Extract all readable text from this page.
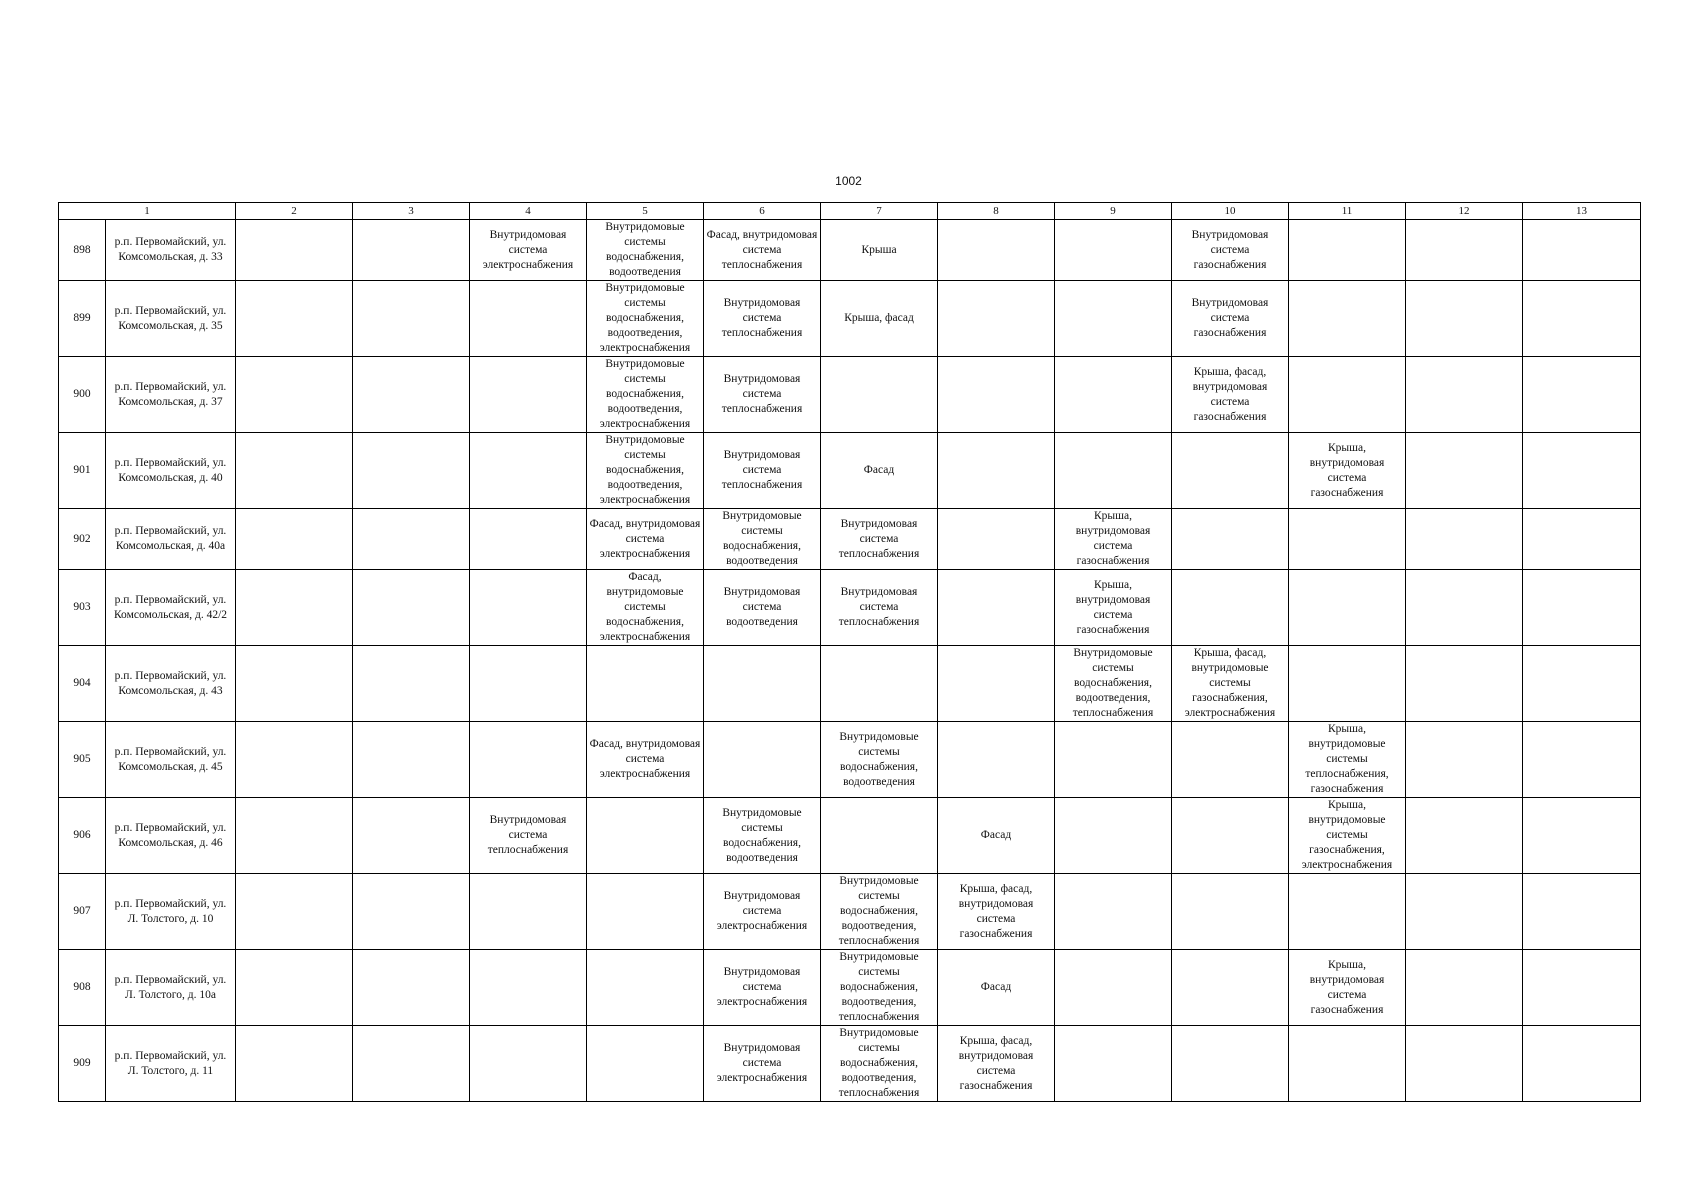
1002
1		2	3	4	5	6	7	8	9	10	11	12	13
898	р.п. Первомайский, ул. Комсомольская, д. 33			Внутридомовая система электроснабжения	Внутридомовые системы водоснабжения, водоотведения	Фасад, внутридомовая система теплоснабжения	Крыша			Внутридомовая система газоснабжения			
899	р.п. Первомайский, ул. Комсомольская, д. 35				Внутридомовые системы водоснабжения, водоотведения, электроснабжения	Внутридомовая система теплоснабжения	Крыша, фасад			Внутридомовая система газоснабжения			
900	р.п. Первомайский, ул. Комсомольская, д. 37				Внутридомовые системы водоснабжения, водоотведения, электроснабжения	Внутридомовая система теплоснабжения				Крыша, фасад, внутридомовая система газоснабжения			
901	р.п. Первомайский, ул. Комсомольская, д. 40				Внутридомовые системы водоснабжения, водоотведения, электроснабжения	Внутридомовая система теплоснабжения	Фасад				Крыша, внутридомовая система газоснабжения		
902	р.п. Первомайский, ул. Комсомольская, д. 40а				Фасад, внутридомовая система электроснабжения	Внутридомовые системы водоснабжения, водоотведения	Внутридомовая система теплоснабжения		Крыша, внутридомовая система газоснабжения				
903	р.п. Первомайский, ул. Комсомольская, д. 42/2				Фасад, внутридомовые системы водоснабжения, электроснабжения	Внутридомовая система водоотведения	Внутридомовая система теплоснабжения		Крыша, внутридомовая система газоснабжения				
904	р.п. Первомайский, ул. Комсомольская, д. 43								Внутридомовые системы водоснабжения, водоотведения, теплоснабжения	Крыша, фасад, внутридомовые системы газоснабжения, электроснабжения			
905	р.п. Первомайский, ул. Комсомольская, д. 45				Фасад, внутридомовая система электроснабжения		Внутридомовые системы водоснабжения, водоотведения				Крыша, внутридомовые системы теплоснабжения, газоснабжения		
906	р.п. Первомайский, ул. Комсомольская, д. 46			Внутридомовая система теплоснабжения		Внутридомовые системы водоснабжения, водоотведения		Фасад			Крыша, внутридомовые системы газоснабжения, электроснабжения		
907	р.п. Первомайский, ул. Л. Толстого, д. 10					Внутридомовая система электроснабжения	Внутридомовые системы водоснабжения, водоотведения, теплоснабжения	Крыша, фасад, внутридомовая система газоснабжения					
908	р.п. Первомайский, ул. Л. Толстого, д. 10а					Внутридомовая система электроснабжения	Внутридомовые системы водоснабжения, водоотведения, теплоснабжения	Фасад			Крыша, внутридомовая система газоснабжения		
909	р.п. Первомайский, ул. Л. Толстого, д. 11					Внутридомовая система электроснабжения	Внутридомовые системы водоснабжения, водоотведения, теплоснабжения	Крыша, фасад, внутридомовая система газоснабжения					
